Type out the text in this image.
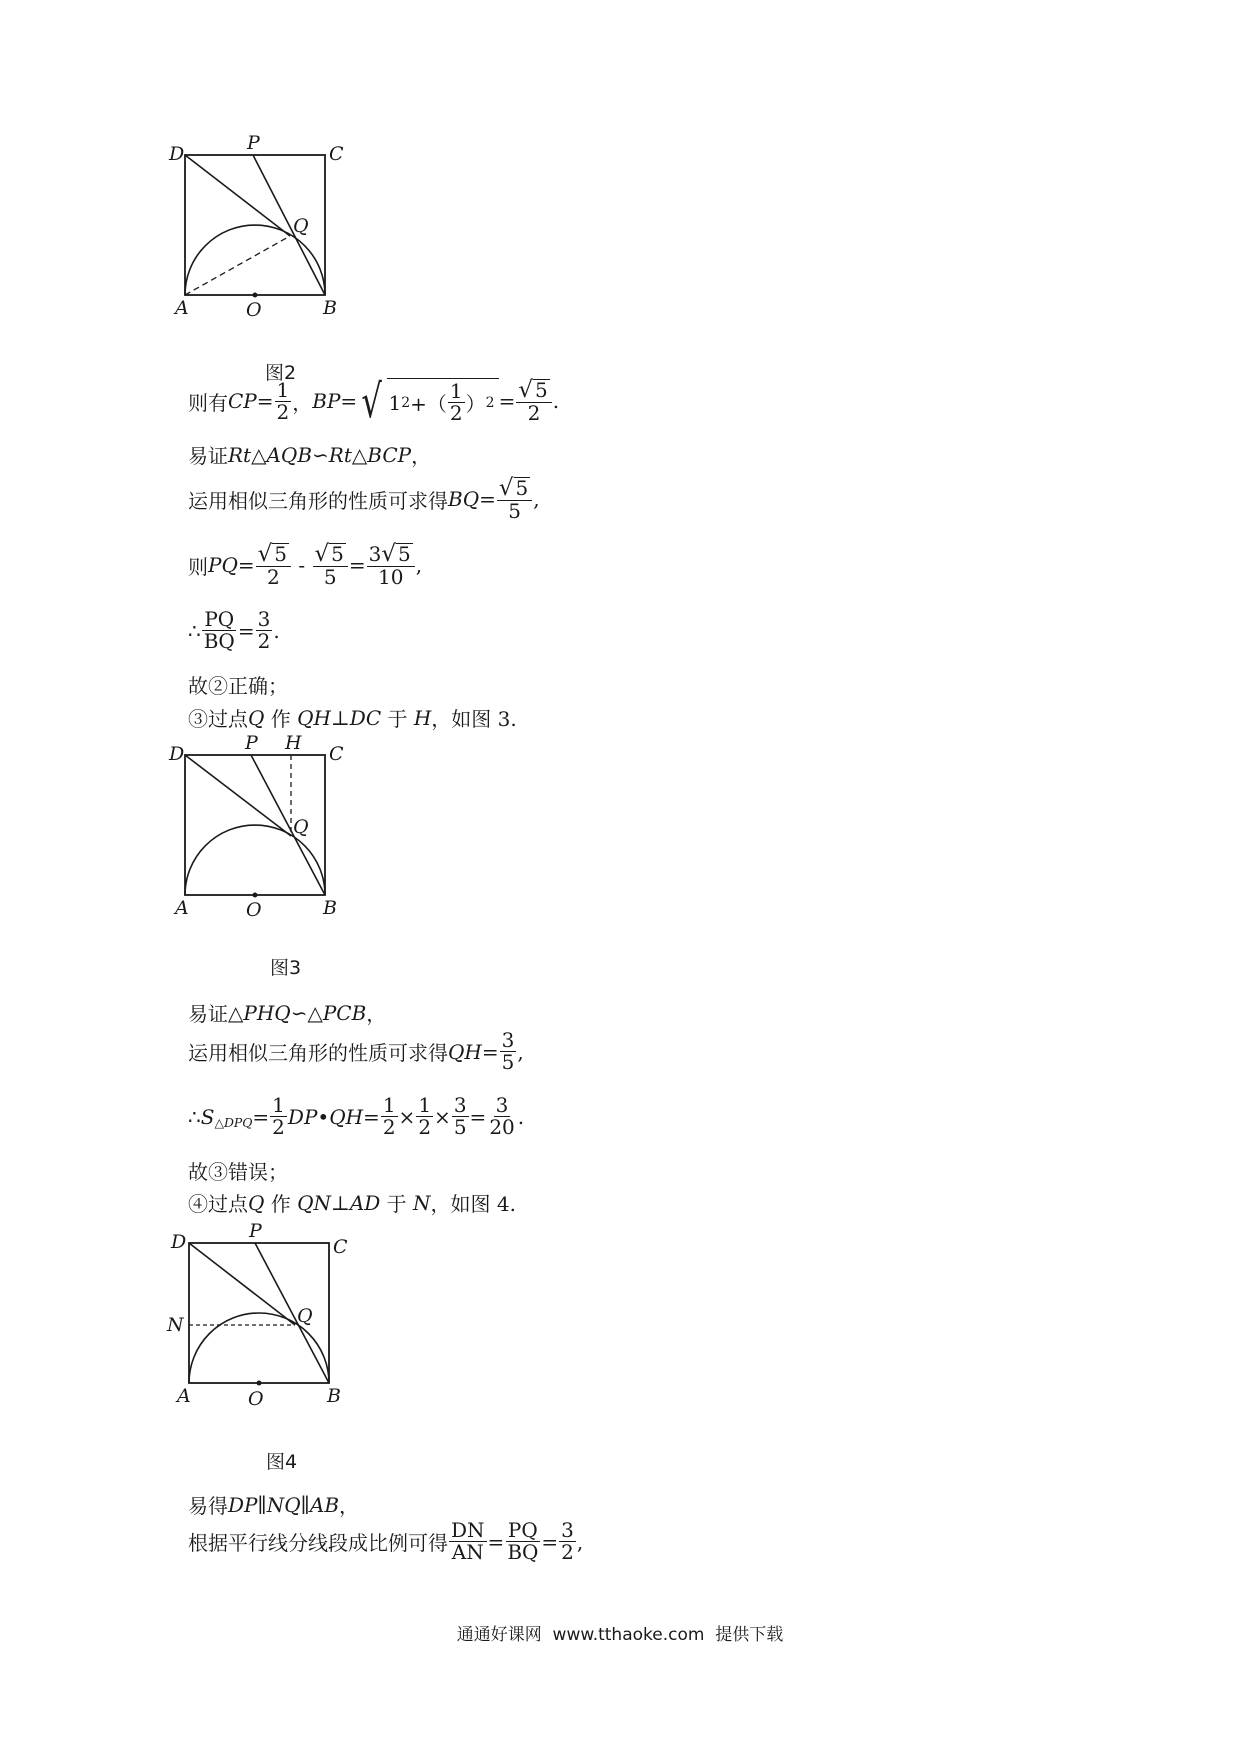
D	P	C
Q
A	O	B
图2
则有 CP = $\frac{1}{2}$ ， BP = √ 1 2 +（ $\frac{1}{2}$ ） $2 = \frac{√ 5}{2}$ .
易证 Rt △AQB ∽ Rt △BCP ，
运用相似三角形的性质可求得 BQ = $\frac{√ 5}{5}$ ,
则 PQ = $\frac{√ 5}{2} - \frac{√ 5}{5} = \frac{3 √ 5}{10}$ ,
∴ $\frac{PQ}{BQ} = \frac{3}{2}$ .
故②正确；
③过点 Q 作 QH ⊥ DC 于 H ，如图 3.
D	P H C
Q
A	O	B
图3
易证 △PHQ ∽ △PCB ，
运用相似三角形的性质可求得 QH = $\frac{3}{5}$ ,
∴ S △DPQ = $\frac{1}{2}$ DP • QH = $\frac{1}{2} \times \frac{1}{2} \times \frac{3}{5} = \frac{3}{20}$ .
故③错误；
④过点 Q 作 QN ⊥ AD 于 N ，如图 4.
D	P
C
N	Q
A	O	B
图4
易得 DP ∥ NQ ∥ AB ，
根据平行线分线段成比例可得 $\frac{DN}{AN} = \frac{PQ}{BQ} = \frac{3}{2}$ ,
通通好课网  www.tthaoke.com  提供下载
